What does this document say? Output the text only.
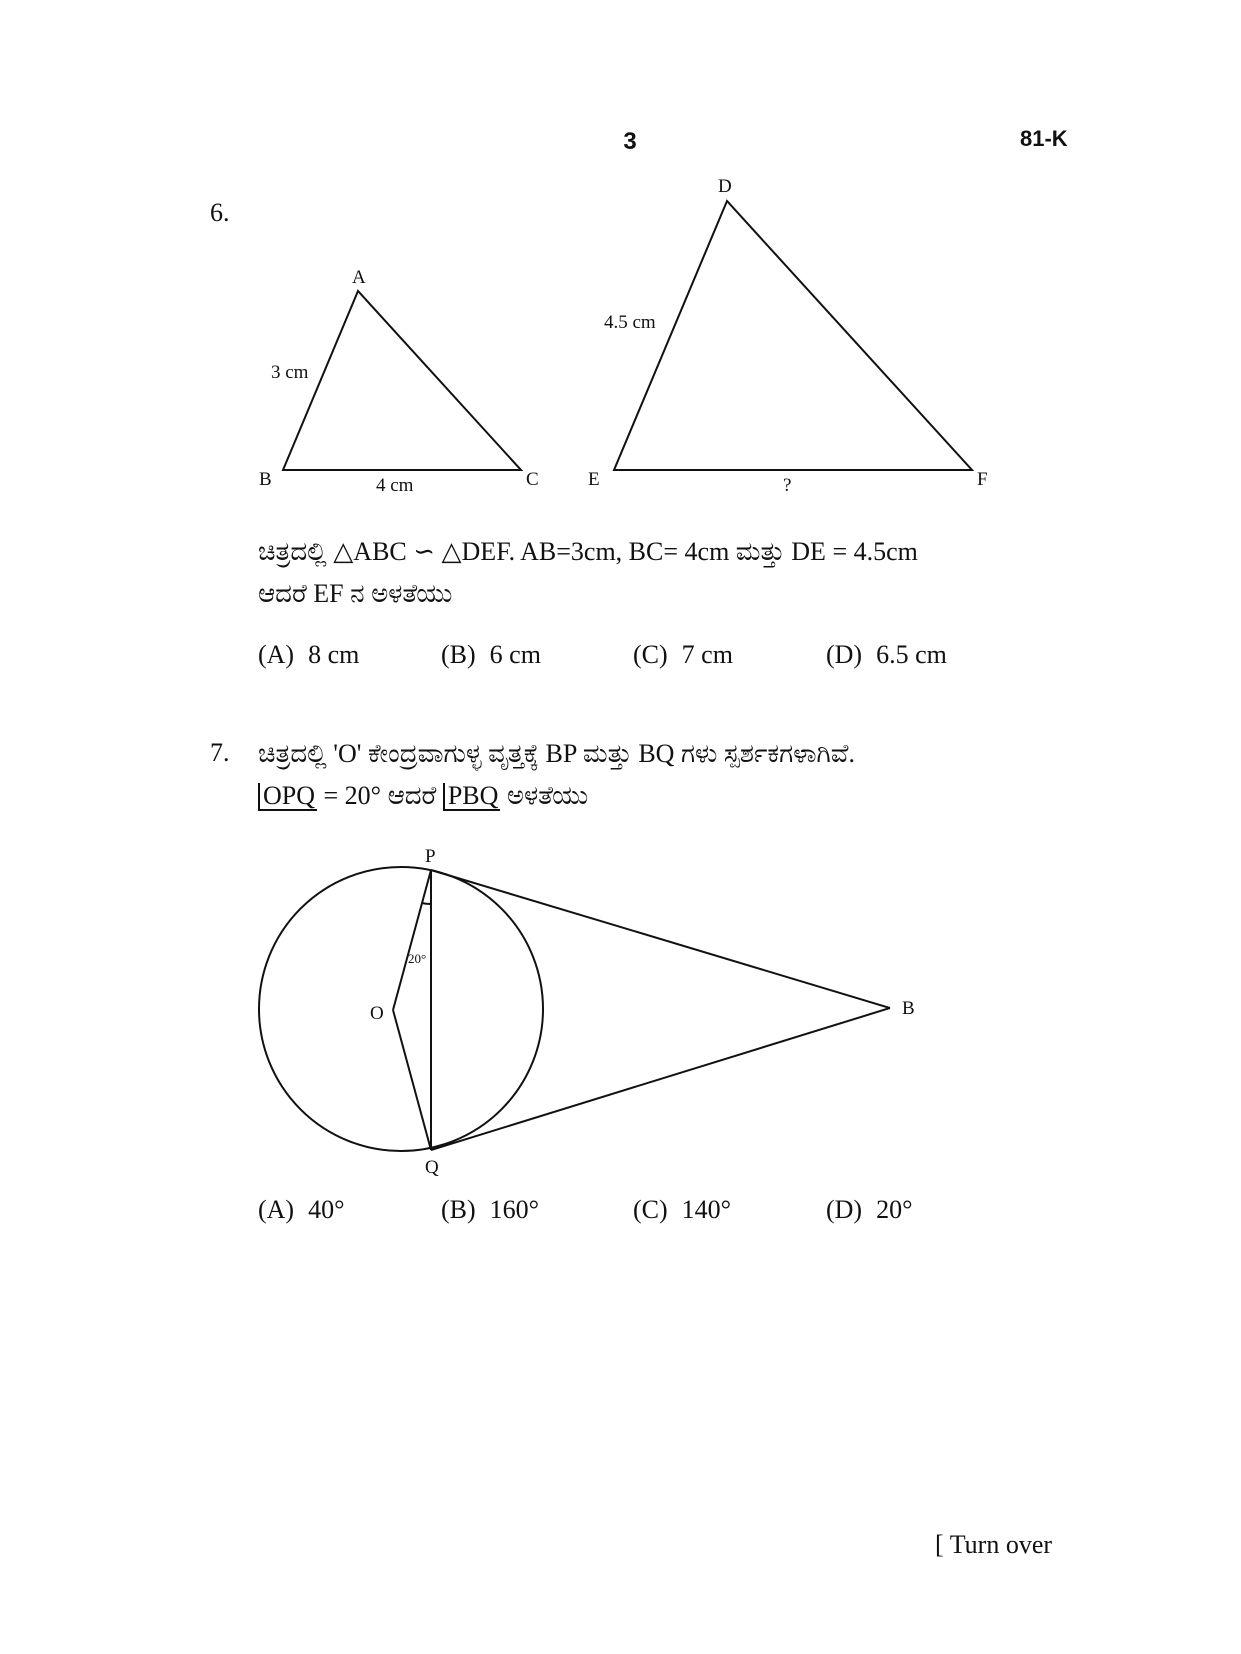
3	81-K
6.
A
B	C
3 cm
4 cm
D
E	F
4.5 cm
?
ಚಿತ್ರದಲ್ಲಿ △ABC ∽ △DEF. AB=3cm, BC= 4cm ಮತ್ತು DE = 4.5cm
ಆದರೆ EF ನ ಅಳತೆಯು
(A) 8 cm	(B) 6 cm	(C) 7 cm	(D) 6.5 cm
7. ಚಿತ್ರದಲ್ಲಿ 'O' ಕೇಂದ್ರವಾಗುಳ್ಳ ವೃತ್ತಕ್ಕೆ BP ಮತ್ತು BQ ಗಳು ಸ್ಪರ್ಶಕಗಳಾಗಿವೆ.
OPQ = 20° ಆದರೆ PBQ ಅಳತೆಯು
P
Q
O	B
20°
(A) 40°	(B) 160°	(C) 140°	(D) 20°
[ Turn over
